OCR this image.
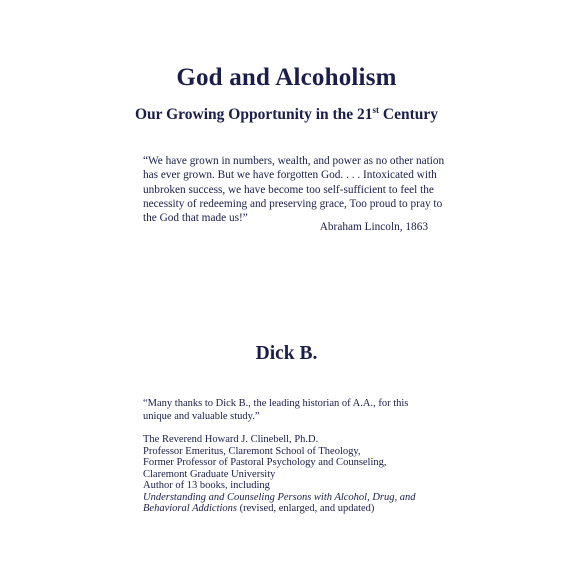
God and Alcoholism
Our Growing Opportunity in the 21st Century
“We have grown in numbers, wealth, and power as no other nation
has ever grown. But we have forgotten God. . . . Intoxicated with
unbroken success, we have become too self-sufficient to feel the
necessity of redeeming and preserving grace, Too proud to pray to
the God that made us!”
Abraham Lincoln, 1863
Dick B.
“Many thanks to Dick B., the leading historian of A.A., for this
unique and valuable study.”
The Reverend Howard J. Clinebell, Ph.D.
Professor Emeritus, Claremont School of Theology,
Former Professor of Pastoral Psychology and Counseling,
Claremont Graduate University
Author of 13 books, including
Understanding and Counseling Persons with Alcohol, Drug, and
Behavioral Addictions (revised, enlarged, and updated)
